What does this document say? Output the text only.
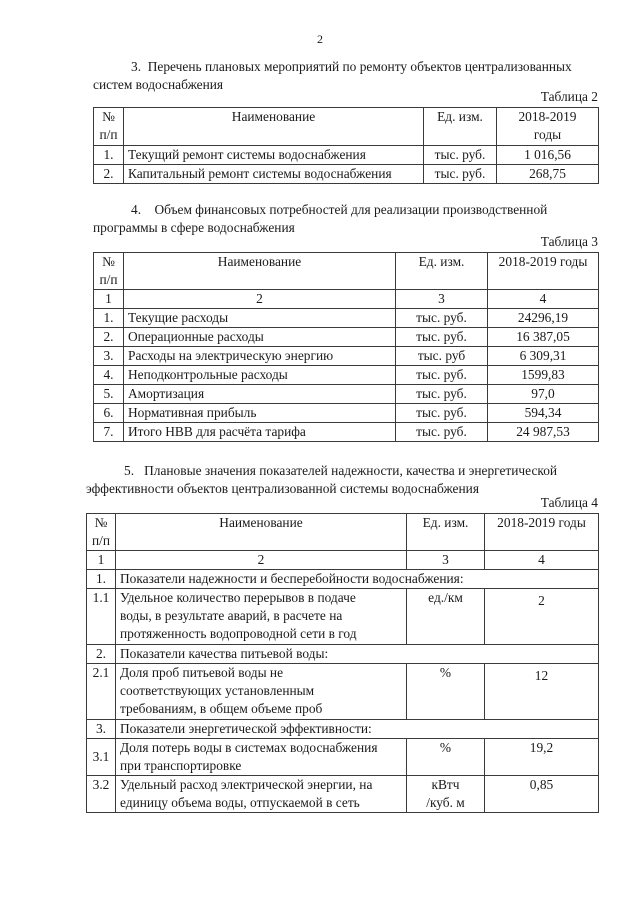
2
3. Перечень плановых мероприятий по ремонту объектов централизованных
систем водоснабжения
Таблица 2
№
п/п	Наименование	Ед. изм.	2018-2019
годы
1.	Текущий ремонт системы водоснабжения	тыс. руб.	1 016,56
2.	Капитальный ремонт системы водоснабжения	тыс. руб.	268,75
4. Объем финансовых потребностей для реализации производственной
программы в сфере водоснабжения
Таблица 3
№
п/п	Наименование	Ед. изм.	2018-2019 годы
1	2	3	4
1.	Текущие расходы	тыс. руб.	24296,19
2.	Операционные расходы	тыс. руб.	16 387,05
3.	Расходы на электрическую энергию	тыс. руб	6 309,31
4.	Неподконтрольные расходы	тыс. руб.	1599,83
5.	Амортизация	тыс. руб.	97,0
6.	Нормативная прибыль	тыс. руб.	594,34
7.	Итого НВВ для расчёта тарифа	тыс. руб.	24 987,53
5. Плановые значения показателей надежности, качества и энергетической
эффективности объектов централизованной системы водоснабжения
Таблица 4
№
п/п	Наименование	Ед. изм.	2018-2019 годы
1	2	3	4
1.	Показатели надежности и бесперебойности водоснабжения:		
1.1	Удельное количество перерывов в подаче
воды, в результате аварий, в расчете на
протяженность водопроводной сети в год	ед./км	2
2.	Показатели качества питьевой воды:		
2.1	Доля проб питьевой воды не
соответствующих установленным
требованиям, в общем объеме проб	%	12
3.	Показатели энергетической эффективности:		
3.1	Доля потерь воды в системах водоснабжения
при транспортировке	%	19,2
3.2	Удельный расход электрической энергии, на
единицу объема воды, отпускаемой в сеть	кВтч
/куб. м	0,85
